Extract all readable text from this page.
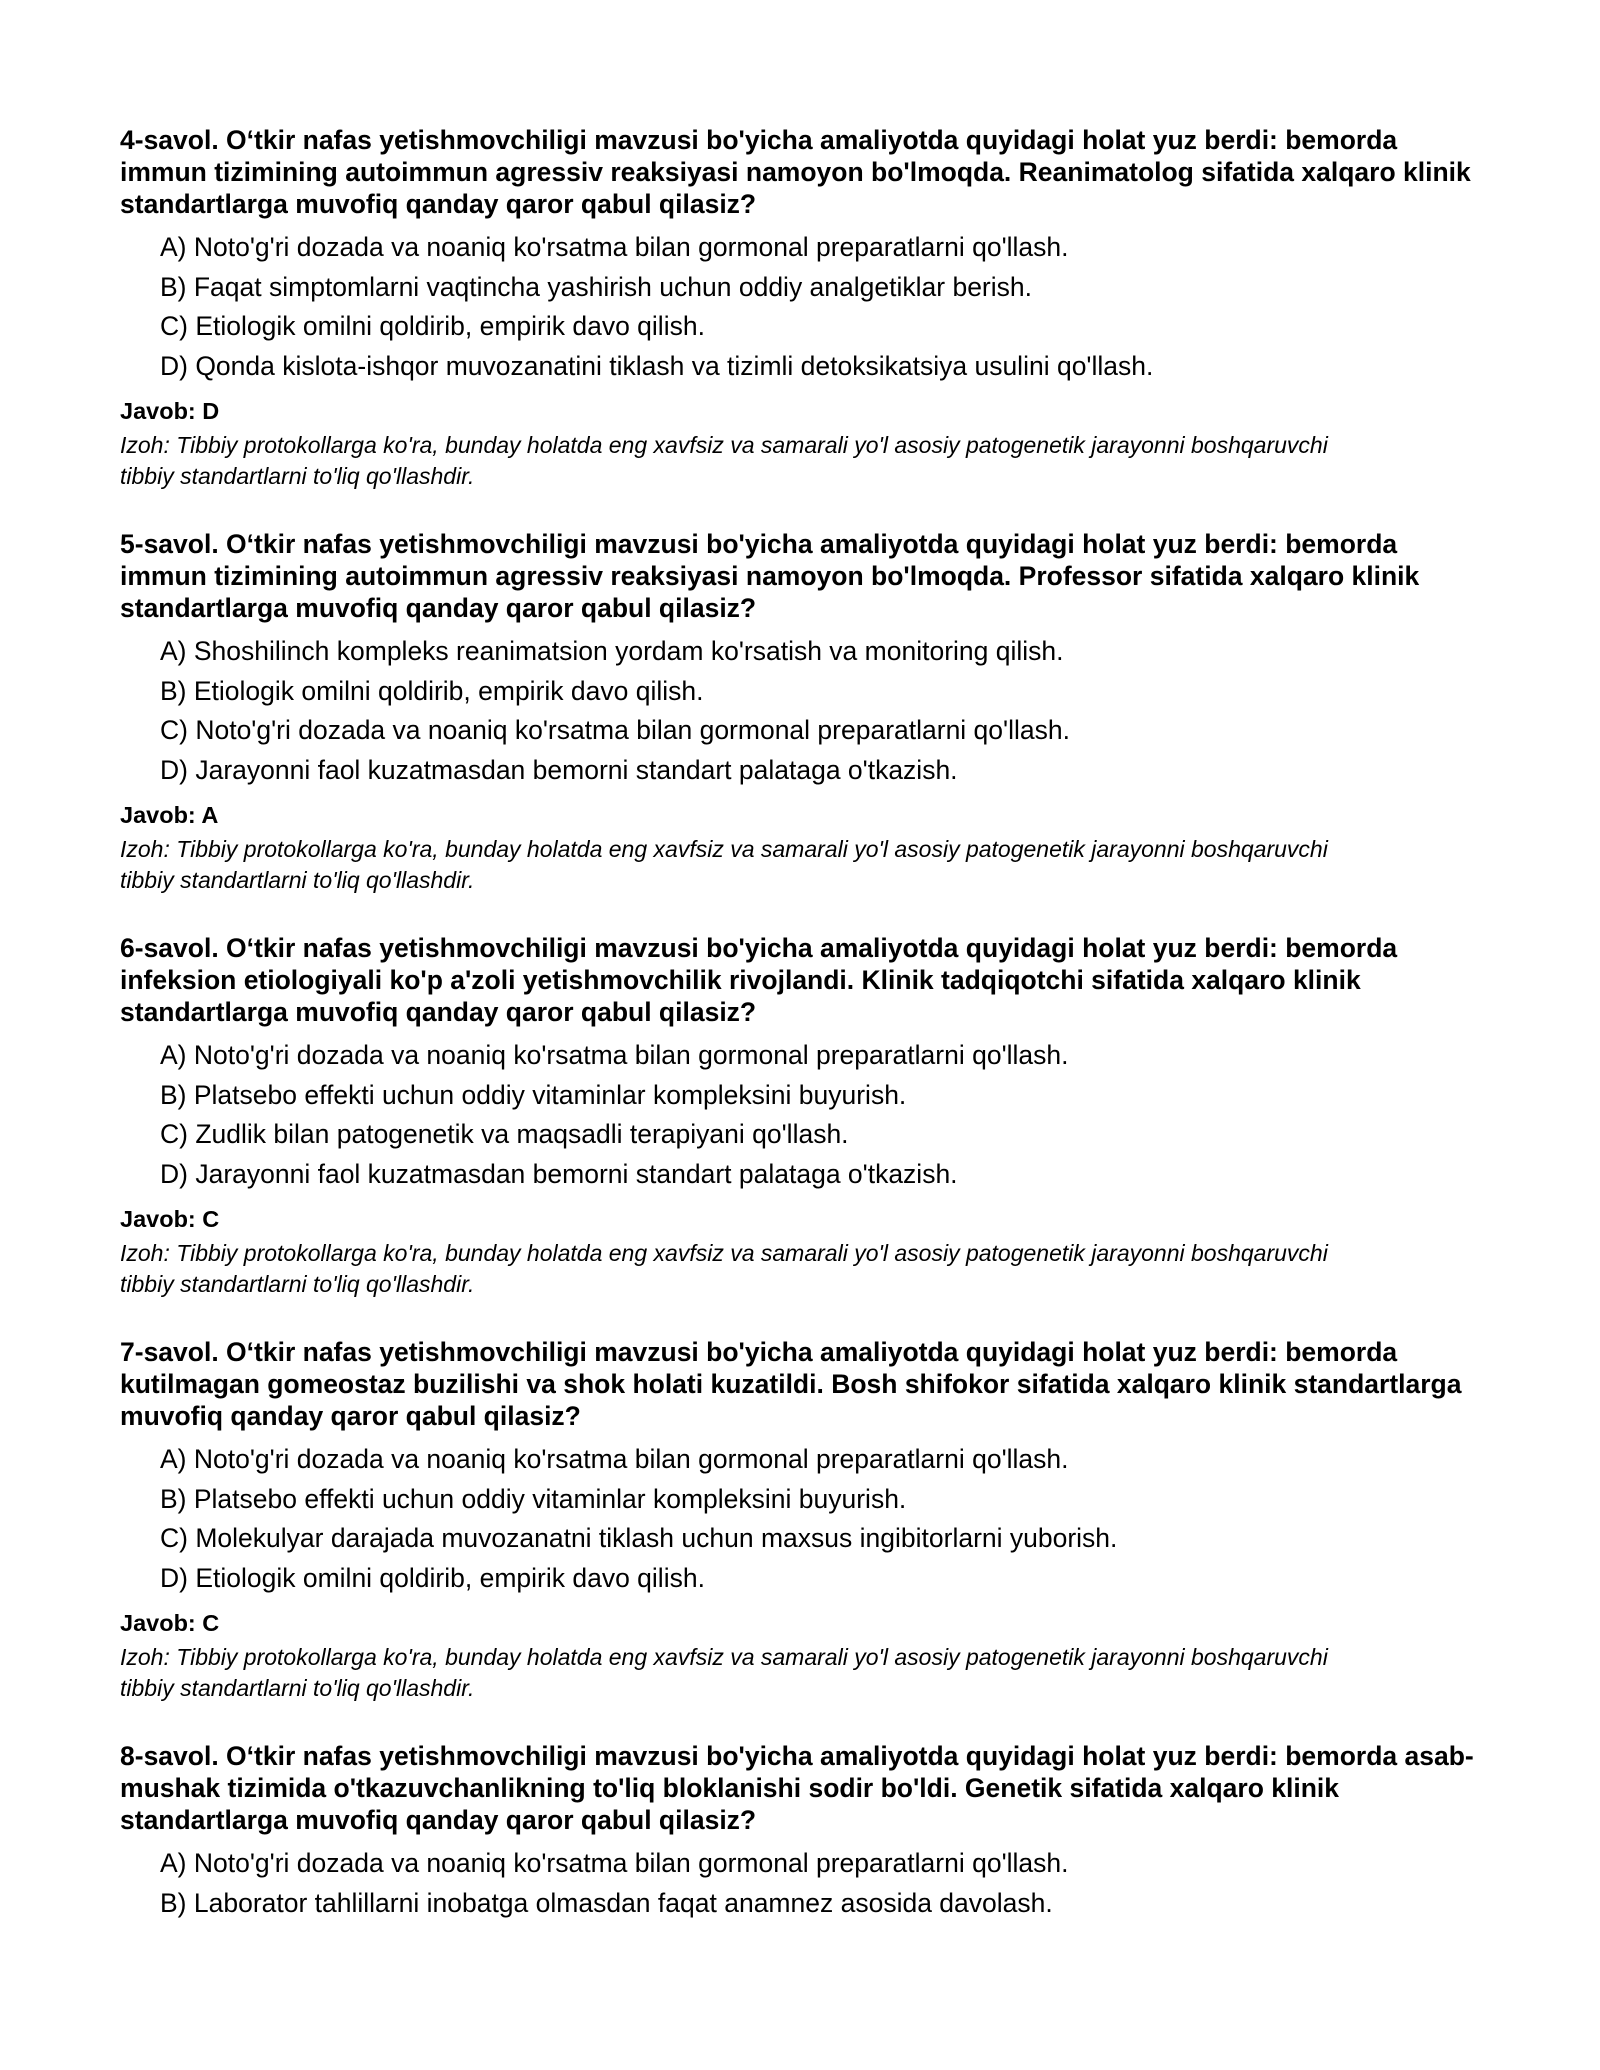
4-savol. O‘tkir nafas yetishmovchiligi mavzusi bo'yicha amaliyotda quyidagi holat yuz berdi: bemorda immun tizimining autoimmun agressiv reaksiyasi namoyon bo'lmoqda. Reanimatolog sifatida xalqaro klinik standartlarga muvofiq qanday qaror qabul qilasiz?
A) Noto'g'ri dozada va noaniq ko'rsatma bilan gormonal preparatlarni qo'llash.
B) Faqat simptomlarni vaqtincha yashirish uchun oddiy analgetiklar berish.
C) Etiologik omilni qoldirib, empirik davo qilish.
D) Qonda kislota-ishqor muvozanatini tiklash va tizimli detoksikatsiya usulini qo'llash.
Javob: D
Izoh: Tibbiy protokollarga ko'ra, bunday holatda eng xavfsiz va samarali yo'l asosiy patogenetik jarayonni boshqaruvchi tibbiy standartlarni to'liq qo'llashdir.
5-savol. O‘tkir nafas yetishmovchiligi mavzusi bo'yicha amaliyotda quyidagi holat yuz berdi: bemorda immun tizimining autoimmun agressiv reaksiyasi namoyon bo'lmoqda. Professor sifatida xalqaro klinik standartlarga muvofiq qanday qaror qabul qilasiz?
A) Shoshilinch kompleks reanimatsion yordam ko'rsatish va monitoring qilish.
B) Etiologik omilni qoldirib, empirik davo qilish.
C) Noto'g'ri dozada va noaniq ko'rsatma bilan gormonal preparatlarni qo'llash.
D) Jarayonni faol kuzatmasdan bemorni standart palataga o'tkazish.
Javob: A
Izoh: Tibbiy protokollarga ko'ra, bunday holatda eng xavfsiz va samarali yo'l asosiy patogenetik jarayonni boshqaruvchi tibbiy standartlarni to'liq qo'llashdir.
6-savol. O‘tkir nafas yetishmovchiligi mavzusi bo'yicha amaliyotda quyidagi holat yuz berdi: bemorda infeksion etiologiyali ko'p a'zoli yetishmovchilik rivojlandi. Klinik tadqiqotchi sifatida xalqaro klinik standartlarga muvofiq qanday qaror qabul qilasiz?
A) Noto'g'ri dozada va noaniq ko'rsatma bilan gormonal preparatlarni qo'llash.
B) Platsebo effekti uchun oddiy vitaminlar kompleksini buyurish.
C) Zudlik bilan patogenetik va maqsadli terapiyani qo'llash.
D) Jarayonni faol kuzatmasdan bemorni standart palataga o'tkazish.
Javob: C
Izoh: Tibbiy protokollarga ko'ra, bunday holatda eng xavfsiz va samarali yo'l asosiy patogenetik jarayonni boshqaruvchi tibbiy standartlarni to'liq qo'llashdir.
7-savol. O‘tkir nafas yetishmovchiligi mavzusi bo'yicha amaliyotda quyidagi holat yuz berdi: bemorda kutilmagan gomeostaz buzilishi va shok holati kuzatildi. Bosh shifokor sifatida xalqaro klinik standartlarga muvofiq qanday qaror qabul qilasiz?
A) Noto'g'ri dozada va noaniq ko'rsatma bilan gormonal preparatlarni qo'llash.
B) Platsebo effekti uchun oddiy vitaminlar kompleksini buyurish.
C) Molekulyar darajada muvozanatni tiklash uchun maxsus ingibitorlarni yuborish.
D) Etiologik omilni qoldirib, empirik davo qilish.
Javob: C
Izoh: Tibbiy protokollarga ko'ra, bunday holatda eng xavfsiz va samarali yo'l asosiy patogenetik jarayonni boshqaruvchi tibbiy standartlarni to'liq qo'llashdir.
8-savol. O‘tkir nafas yetishmovchiligi mavzusi bo'yicha amaliyotda quyidagi holat yuz berdi: bemorda asab-mushak tizimida o'tkazuvchanlikning to'liq bloklanishi sodir bo'ldi. Genetik sifatida xalqaro klinik standartlarga muvofiq qanday qaror qabul qilasiz?
A) Noto'g'ri dozada va noaniq ko'rsatma bilan gormonal preparatlarni qo'llash.
B) Laborator tahlillarni inobatga olmasdan faqat anamnez asosida davolash.
